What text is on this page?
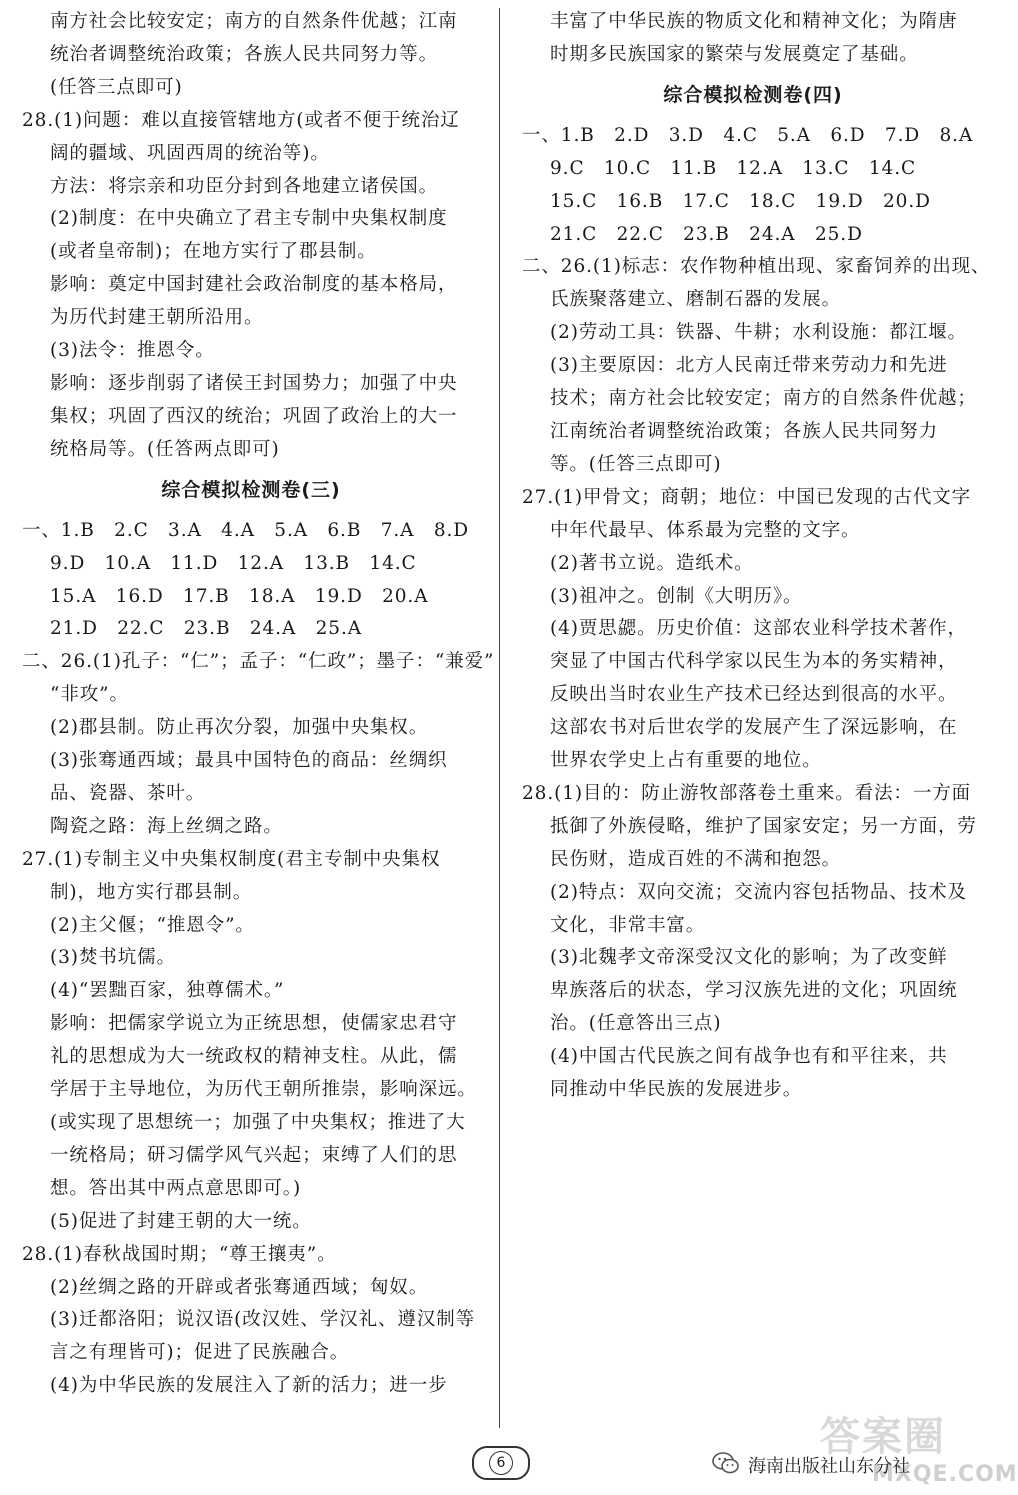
南方社会比较安定；南方的自然条件优越；江南
统治者调整统治政策；各族人民共同努力等。
(任答三点即可)
28.(1)问题：难以直接管辖地方(或者不便于统治辽
阔的疆域、巩固西周的统治等)。
方法：将宗亲和功臣分封到各地建立诸侯国。
(2)制度：在中央确立了君主专制中央集权制度
(或者皇帝制)；在地方实行了郡县制。
影响：奠定中国封建社会政治制度的基本格局，
为历代封建王朝所沿用。
(3)法令：推恩令。
影响：逐步削弱了诸侯王封国势力；加强了中央
集权；巩固了西汉的统治；巩固了政治上的大一
统格局等。(任答两点即可)
综合模拟检测卷(三)
一、1.B　2.C　3.A　4.A　5.A　6.B　7.A　8.D
9.D　10.A　11.D　12.A　13.B　14.C
15.A　16.D　17.B　18.A　19.D　20.A
21.D　22.C　23.B　24.A　25.A
二、26.(1)孔子：“仁”；孟子：“仁政”；墨子：“兼爱”
“非攻”。
(2)郡县制。防止再次分裂，加强中央集权。
(3)张骞通西域；最具中国特色的商品：丝绸织
品、瓷器、茶叶。
陶瓷之路：海上丝绸之路。
27.(1)专制主义中央集权制度(君主专制中央集权
制)，地方实行郡县制。
(2)主父偃；“推恩令”。
(3)焚书坑儒。
(4)“罢黜百家，独尊儒术。”
影响：把儒家学说立为正统思想，使儒家忠君守
礼的思想成为大一统政权的精神支柱。从此，儒
学居于主导地位，为历代王朝所推崇，影响深远。
(或实现了思想统一；加强了中央集权；推进了大
一统格局；研习儒学风气兴起；束缚了人们的思
想。答出其中两点意思即可。)
(5)促进了封建王朝的大一统。
28.(1)春秋战国时期；“尊王攘夷”。
(2)丝绸之路的开辟或者张骞通西域；匈奴。
(3)迁都洛阳；说汉语(改汉姓、学汉礼、遵汉制等
言之有理皆可)；促进了民族融合。
(4)为中华民族的发展注入了新的活力；进一步
丰富了中华民族的物质文化和精神文化；为隋唐
时期多民族国家的繁荣与发展奠定了基础。
综合模拟检测卷(四)
一、1.B　2.D　3.D　4.C　5.A　6.D　7.D　8.A
9.C　10.C　11.B　12.A　13.C　14.C
15.C　16.B　17.C　18.C　19.D　20.D
21.C　22.C　23.B　24.A　25.D
二、26.(1)标志：农作物种植出现、家畜饲养的出现、
氏族聚落建立、磨制石器的发展。
(2)劳动工具：铁器、牛耕；水利设施：都江堰。
(3)主要原因：北方人民南迁带来劳动力和先进
技术；南方社会比较安定；南方的自然条件优越；
江南统治者调整统治政策；各族人民共同努力
等。(任答三点即可)
27.(1)甲骨文；商朝；地位：中国已发现的古代文字
中年代最早、体系最为完整的文字。
(2)著书立说。造纸术。
(3)祖冲之。创制《大明历》。
(4)贾思勰。历史价值：这部农业科学技术著作，
突显了中国古代科学家以民生为本的务实精神，
反映出当时农业生产技术已经达到很高的水平。
这部农书对后世农学的发展产生了深远影响，在
世界农学史上占有重要的地位。
28.(1)目的：防止游牧部落卷土重来。看法：一方面
抵御了外族侵略，维护了国家安定；另一方面，劳
民伤财，造成百姓的不满和抱怨。
(2)特点：双向交流；交流内容包括物品、技术及
文化，非常丰富。
(3)北魏孝文帝深受汉文化的影响；为了改变鲜
卑族落后的状态，学习汉族先进的文化；巩固统
治。(任意答出三点)
(4)中国古代民族之间有战争也有和平往来，共
同推动中华民族的发展进步。
6
答案圈
MXQE.COM
海南出版社山东分社
